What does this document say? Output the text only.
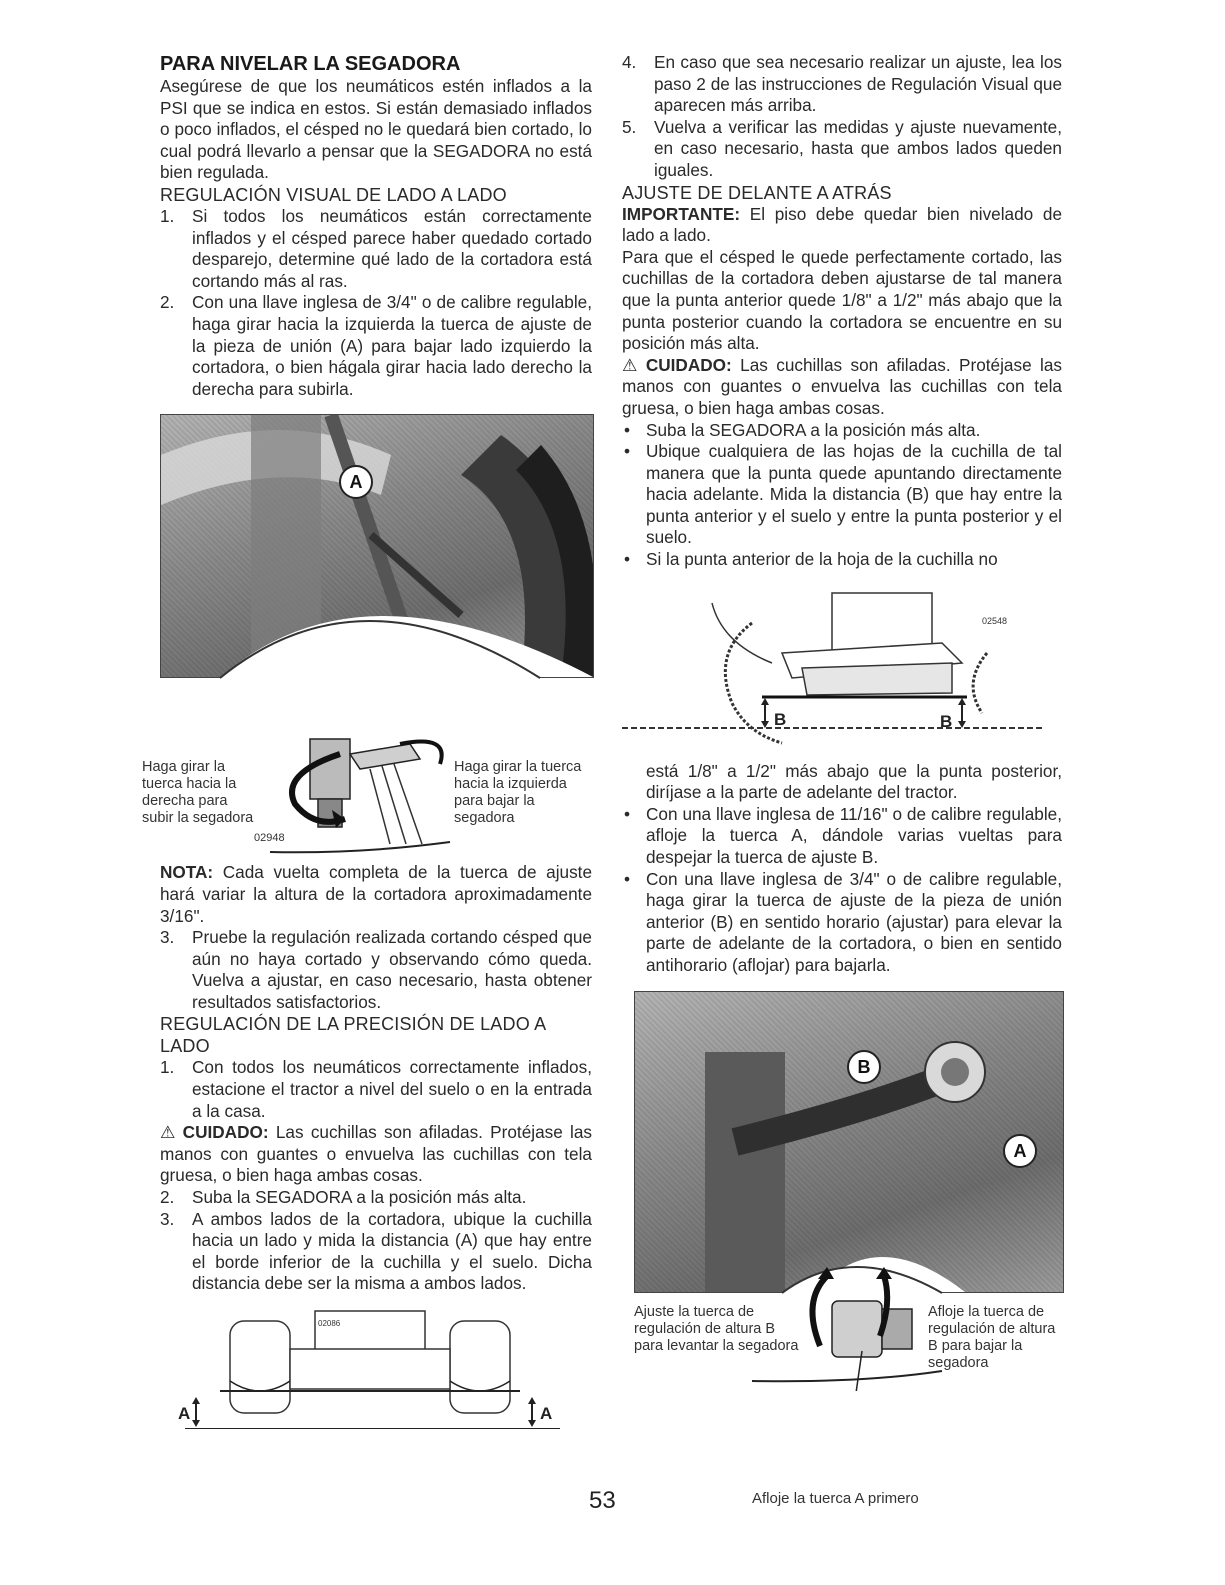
PARA NIVELAR LA SEGADORA

Asegúrese de que los neumáticos estén inflados a la PSI que se indica en estos. Si están demasiado inflados o poco inflados, el césped no le quedará bien cortado, lo cual podrá llevarlo a pensar que la SEGADORA no está bien regulada.

REGULACIÓN VISUAL DE LADO A LADO

1.	Si todos los neumáticos están correctamente inflados y el césped parece haber quedado cortado desparejo, determine qué lado de la cortadora está cortando más al ras.
2.	Con una llave inglesa de 3/4" o de calibre regulable, haga girar hacia la izquierda la tuerca de ajuste de la pieza de unión (A) para bajar lado izquierdo la cortadora, o bien hágala girar hacia lado derecho la derecha para subirla.
A
Haga girar la tuerca hacia la derecha para subir la segadora
Haga girar la tuerca hacia la izquierda para bajar la segadora
02948

NOTA: Cada vuelta completa de la tuerca de ajuste hará variar la altura de la cortadora aproximadamente 3/16".

3.	Pruebe la regulación realizada cortando césped que aún no haya cortado y observando cómo queda. Vuelva a ajustar, en caso necesario, hasta obtener resultados satisfactorios.

REGULACIÓN DE LA PRECISIÓN DE LADO A LADO

1.	Con todos los neumáticos correctamente inflados, estacione el tractor a nivel del suelo o en la entrada a la casa.

⚠ CUIDADO: Las cuchillas son afiladas. Protéjase las manos con guantes o envuelva las cuchillas con tela gruesa, o bien haga ambas cosas.

2.	Suba la SEGADORA a la posición más alta.
3.	A ambos lados de la cortadora, ubique la cuchilla hacia un lado y mida la distancia (A) que hay entre el borde inferior de la cuchilla y el suelo. Dicha distancia debe ser la misma a ambos lados.
02086
A	A
4.	En caso que sea necesario realizar un ajuste, lea los paso 2 de las instrucciones de Regulación Visual que aparecen más arriba.
5.	Vuelva a verificar las medidas y ajuste nuevamente, en caso necesario, hasta que ambos lados queden iguales.

AJUSTE DE DELANTE A ATRÁS

IMPORTANTE: El piso debe quedar bien nivelado de lado a lado.

Para que el césped le quede perfectamente cortado, las cuchillas de la cortadora deben ajustarse de tal manera que la punta anterior quede 1/8" a 1/2" más abajo que la punta posterior cuando la cortadora se encuentre en su posición más alta.

⚠ CUIDADO: Las cuchillas son afiladas. Protéjase las manos con guantes o envuelva las cuchillas con tela gruesa, o bien haga ambas cosas.

• Suba la SEGADORA a la posición más alta.
• Ubique cualquiera de las hojas de la cuchilla de tal manera que la punta quede apuntando directamente hacia adelante. Mida la distancia (B) que hay entre la punta anterior y el suelo y entre la punta posterior y el suelo.
• Si la punta anterior de la hoja de la cuchilla no
02548
B	B

está 1/8" a 1/2" más abajo que la punta posterior, diríjase a la parte de adelante del tractor.

• Con una llave inglesa de 11/16" o de calibre regulable, afloje la tuerca A, dándole varias vueltas para despejar la tuerca de ajuste B.
• Con una llave inglesa de 3/4" o de calibre regulable, haga girar la tuerca de ajuste de la pieza de unión anterior (B) en sentido horario (ajustar) para elevar la parte de adelante de la cortadora, o bien en sentido antihorario (aflojar) para bajarla.
B
A
Ajuste la tuerca de regulación de altura B para levantar la segadora
Afloje la tuerca de regulación de altura B para bajar la segadora
53	Afloje la tuerca A primero
